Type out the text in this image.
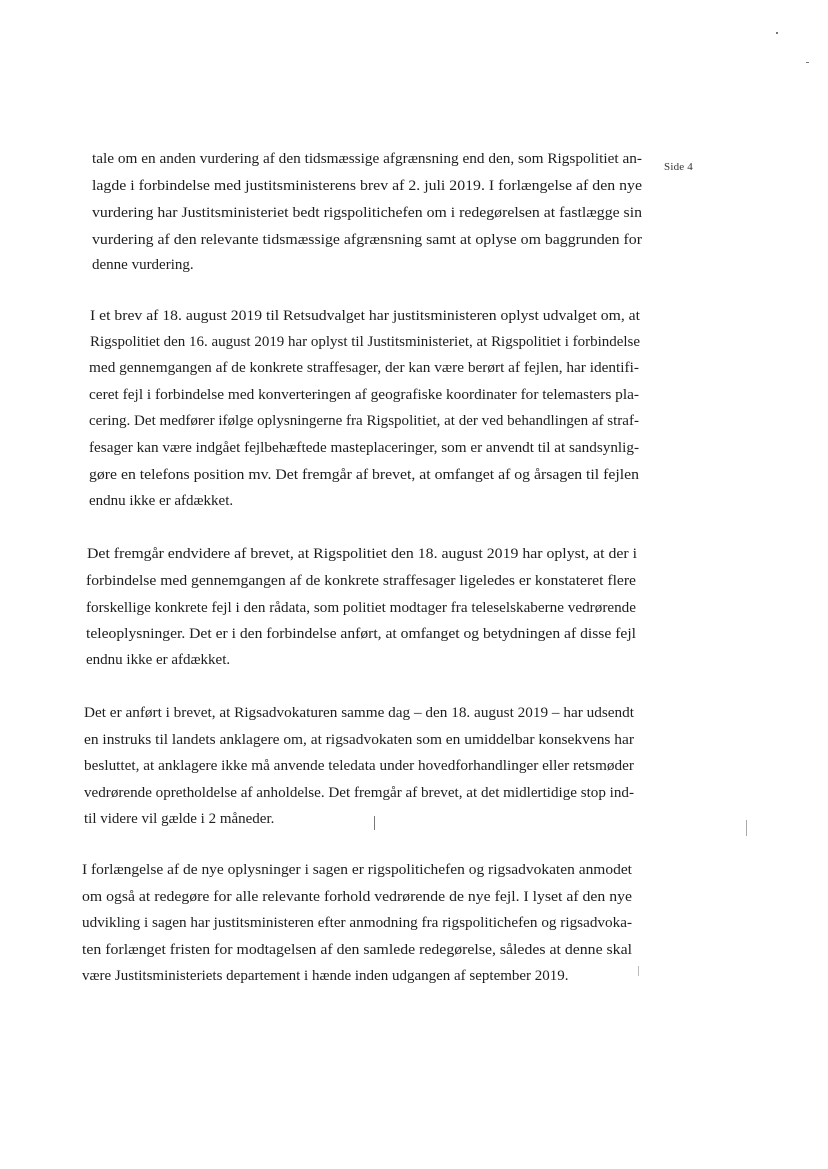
Side 4
tale om en anden vurdering af den tidsmæssige afgrænsning end den, som Rigspolitiet an-
lagde i forbindelse med justitsministerens brev af 2. juli 2019. I forlængelse af den nye
vurdering har Justitsministeriet bedt rigspolitichefen om i redegørelsen at fastlægge sin
vurdering af den relevante tidsmæssige afgrænsning samt at oplyse om baggrunden for
denne vurdering.
I et brev af 18. august 2019 til Retsudvalget har justitsministeren oplyst udvalget om, at
Rigspolitiet den 16. august 2019 har oplyst til Justitsministeriet, at Rigspolitiet i forbindelse
med gennemgangen af de konkrete straffesager, der kan være berørt af fejlen, har identifi-
ceret fejl i forbindelse med konverteringen af geografiske koordinater for telemasters pla-
cering. Det medfører ifølge oplysningerne fra Rigspolitiet, at der ved behandlingen af straf-
fesager kan være indgået fejlbehæftede masteplaceringer, som er anvendt til at sandsynlig-
gøre en telefons position mv. Det fremgår af brevet, at omfanget af og årsagen til fejlen
endnu ikke er afdækket.
Det fremgår endvidere af brevet, at Rigspolitiet den 18. august 2019 har oplyst, at der i
forbindelse med gennemgangen af de konkrete straffesager ligeledes er konstateret flere
forskellige konkrete fejl i den rådata, som politiet modtager fra teleselskaberne vedrørende
teleoplysninger. Det er i den forbindelse anført, at omfanget og betydningen af disse fejl
endnu ikke er afdækket.
Det er anført i brevet, at Rigsadvokaturen samme dag – den 18. august 2019 – har udsendt
en instruks til landets anklagere om, at rigsadvokaten som en umiddelbar konsekvens har
besluttet, at anklagere ikke må anvende teledata under hovedforhandlinger eller retsmøder
vedrørende opretholdelse af anholdelse. Det fremgår af brevet, at det midlertidige stop ind-
til videre vil gælde i 2 måneder.
I forlængelse af de nye oplysninger i sagen er rigspolitichefen og rigsadvokaten anmodet
om også at redegøre for alle relevante forhold vedrørende de nye fejl. I lyset af den nye
udvikling i sagen har justitsministeren efter anmodning fra rigspolitichefen og rigsadvoka-
ten forlænget fristen for modtagelsen af den samlede redegørelse, således at denne skal
være Justitsministeriets departement i hænde inden udgangen af september 2019.
